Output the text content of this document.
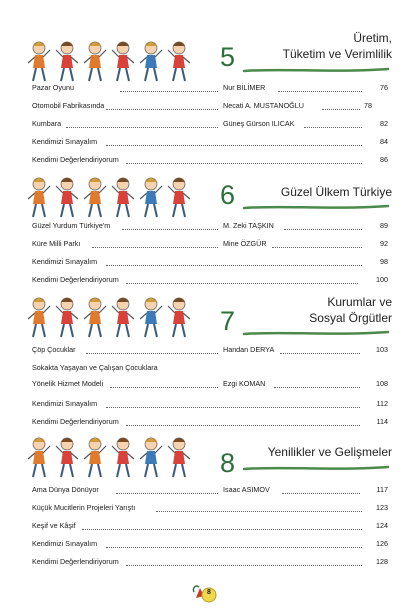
5
Üretim,
Tüketim ve Verimlilik
Pazar Oyunu	Nur BİLİMER	76
Otomobil Fabrikasında	Necati A. MUSTANOĞLU	78
Kumbara	Güneş Gürson ILICAK	82
Kendimizi Sınayalım	84
Kendimi Değerlendiriyorum	86
6	Güzel Ülkem Türkiye
Güzel Yurdum Türkiye'm	M. Zeki TAŞKIN	89
Küre Milli Parkı	Mine ÖZGÜR	92
Kendimizi Sınayalım	98
Kendimi Değerlendiriyorum	100
7
Kurumlar ve
Sosyal Örgütler
Çöp Çocuklar	Handan DERYA	103
Sokakta Yaşayan ve Çalışan Çocuklara
Yönelik Hizmet Modeli	Ezgi KOMAN	108
Kendimizi Sınayalım	112
Kendimi Değerlendiriyorum	114
8	Yenilikler ve Gelişmeler
Ama Dünya Dönüyor	Isaac ASIMOV	117
Küçük Mucitlerin Projeleri Yarıştı	123
Keşif ve Kâşif	124
Kendimizi Sınayalım	126
Kendimi Değerlendiriyorum	128
8
